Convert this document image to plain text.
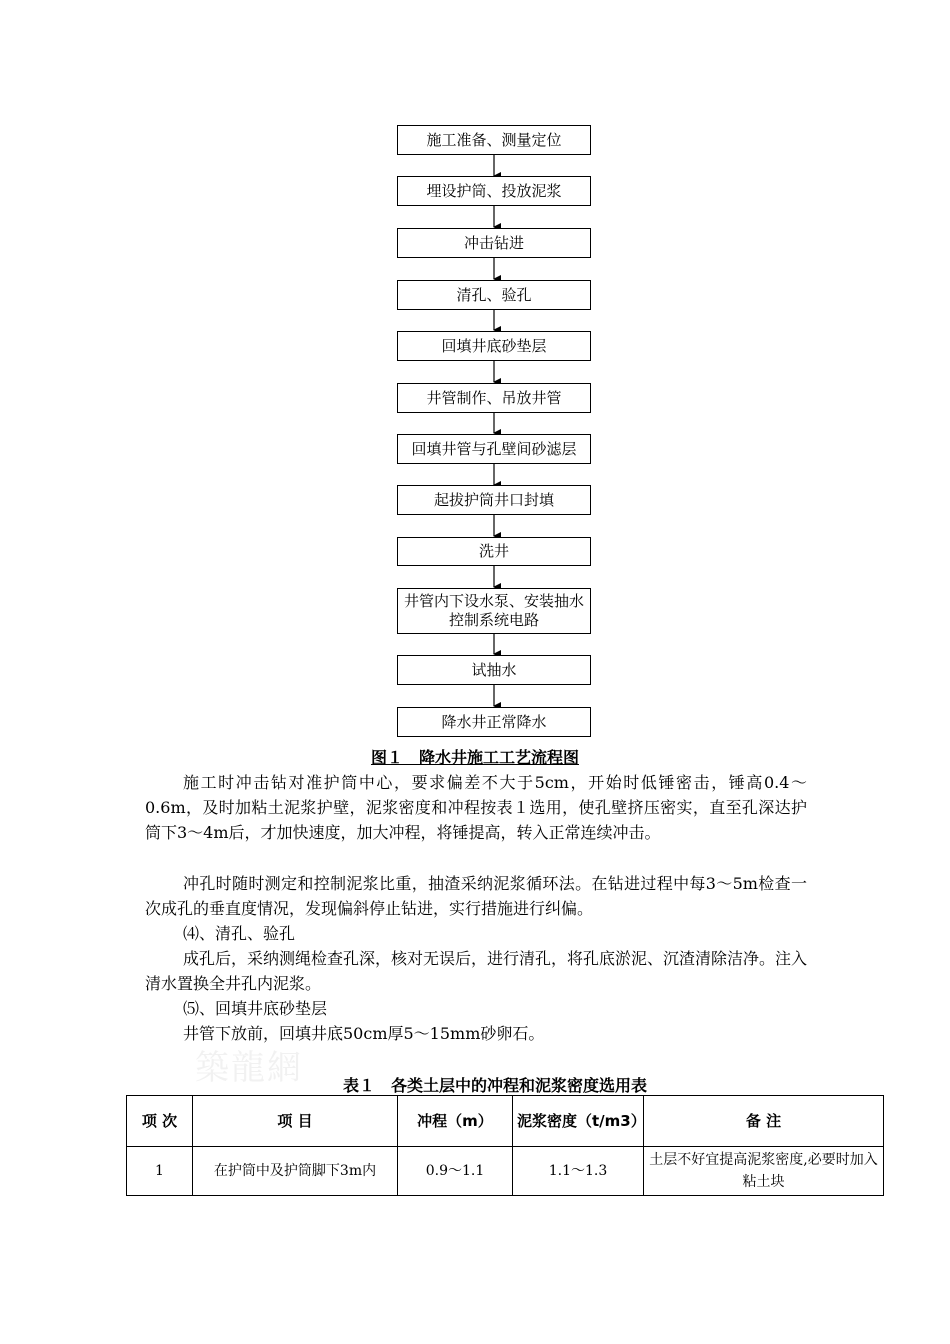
施工准备、测量定位
埋设护筒、投放泥浆
冲击钻进
清孔、验孔
回填井底砂垫层
井管制作、吊放井管
回填井管与孔壁间砂滤层
起拔护筒井口封填
洗井
井管内下设水泵、安装抽水控制系统电路
试抽水
降水井正常降水
图１　降水井施工工艺流程图
施工时冲击钻对准护筒中心，要求偏差不大于5cm，开始时低锤密击，锤高0.4～0.6m，及时加粘土泥浆护壁，泥浆密度和冲程按表１选用，使孔壁挤压密实，直至孔深达护筒下3～4m后，才加快速度，加大冲程，将锤提高，转入正常连续冲击。
冲孔时随时测定和控制泥浆比重，抽渣采纳泥浆循环法。在钻进过程中每3～5m检查一次成孔的垂直度情况，发现偏斜停止钻进，实行措施进行纠偏。
⑷、清孔、验孔
成孔后，采纳测绳检查孔深，核对无误后，进行清孔，将孔底淤泥、沉渣清除洁净。注入清水置换全井孔内泥浆。
⑸、回填井底砂垫层
井管下放前，回填井底50cm厚5～15mm砂卵石。
築龍網	表１　各类土层中的冲程和泥浆密度选用表
项 次	项 目	冲程（m）	泥浆密度（t/m3）	备 注
1	在护筒中及护筒脚下3m内	0.9～1.1	1.1～1.3	土层不好宜提高泥浆密度,必要时加入粘土块
